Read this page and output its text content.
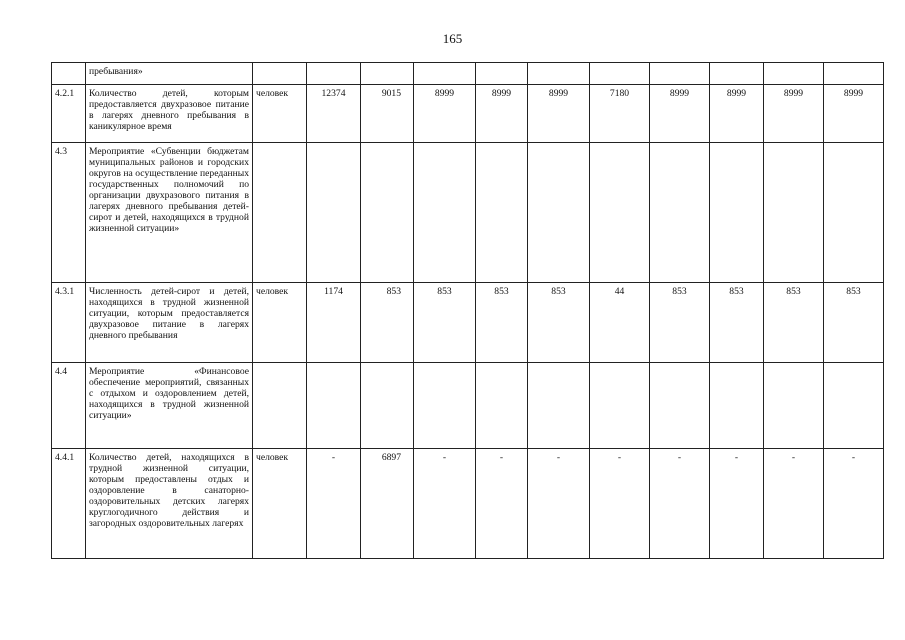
165
	пребывания»											
4.2.1	Количество детей, которым предоставляется двухразовое питание в лагерях дневного пребывания в каникулярное время	человек	12374	9015	8999	8999	8999	7180	8999	8999	8999	8999
4.3	Мероприятие «Субвенции бюджетам муниципальных районов и городских округов на осуществление переданных государственных полномочий по организации двухразового питания в лагерях дневного пребывания детей-сирот и детей, находящихся в трудной жизненной ситуации»											
4.3.1	Численность детей-сирот и детей, находящихся в трудной жизненной ситуации, которым предоставляется двухразовое питание в лагерях дневного пребывания	человек	1174	853	853	853	853	44	853	853	853	853
4.4	Мероприятие «Финансовое обеспечение мероприятий, связанных с отдыхом и оздоровлением детей, находящихся в трудной жизненной ситуации»											
4.4.1	Количество детей, находящихся в трудной жизненной ситуации, которым предоставлены отдых и оздоровление в санаторно-оздоровительных детских лагерях круглогодичного действия и загородных оздоровительных лагерях	человек	-	6897	-	-	-	-	-	-	-	-
